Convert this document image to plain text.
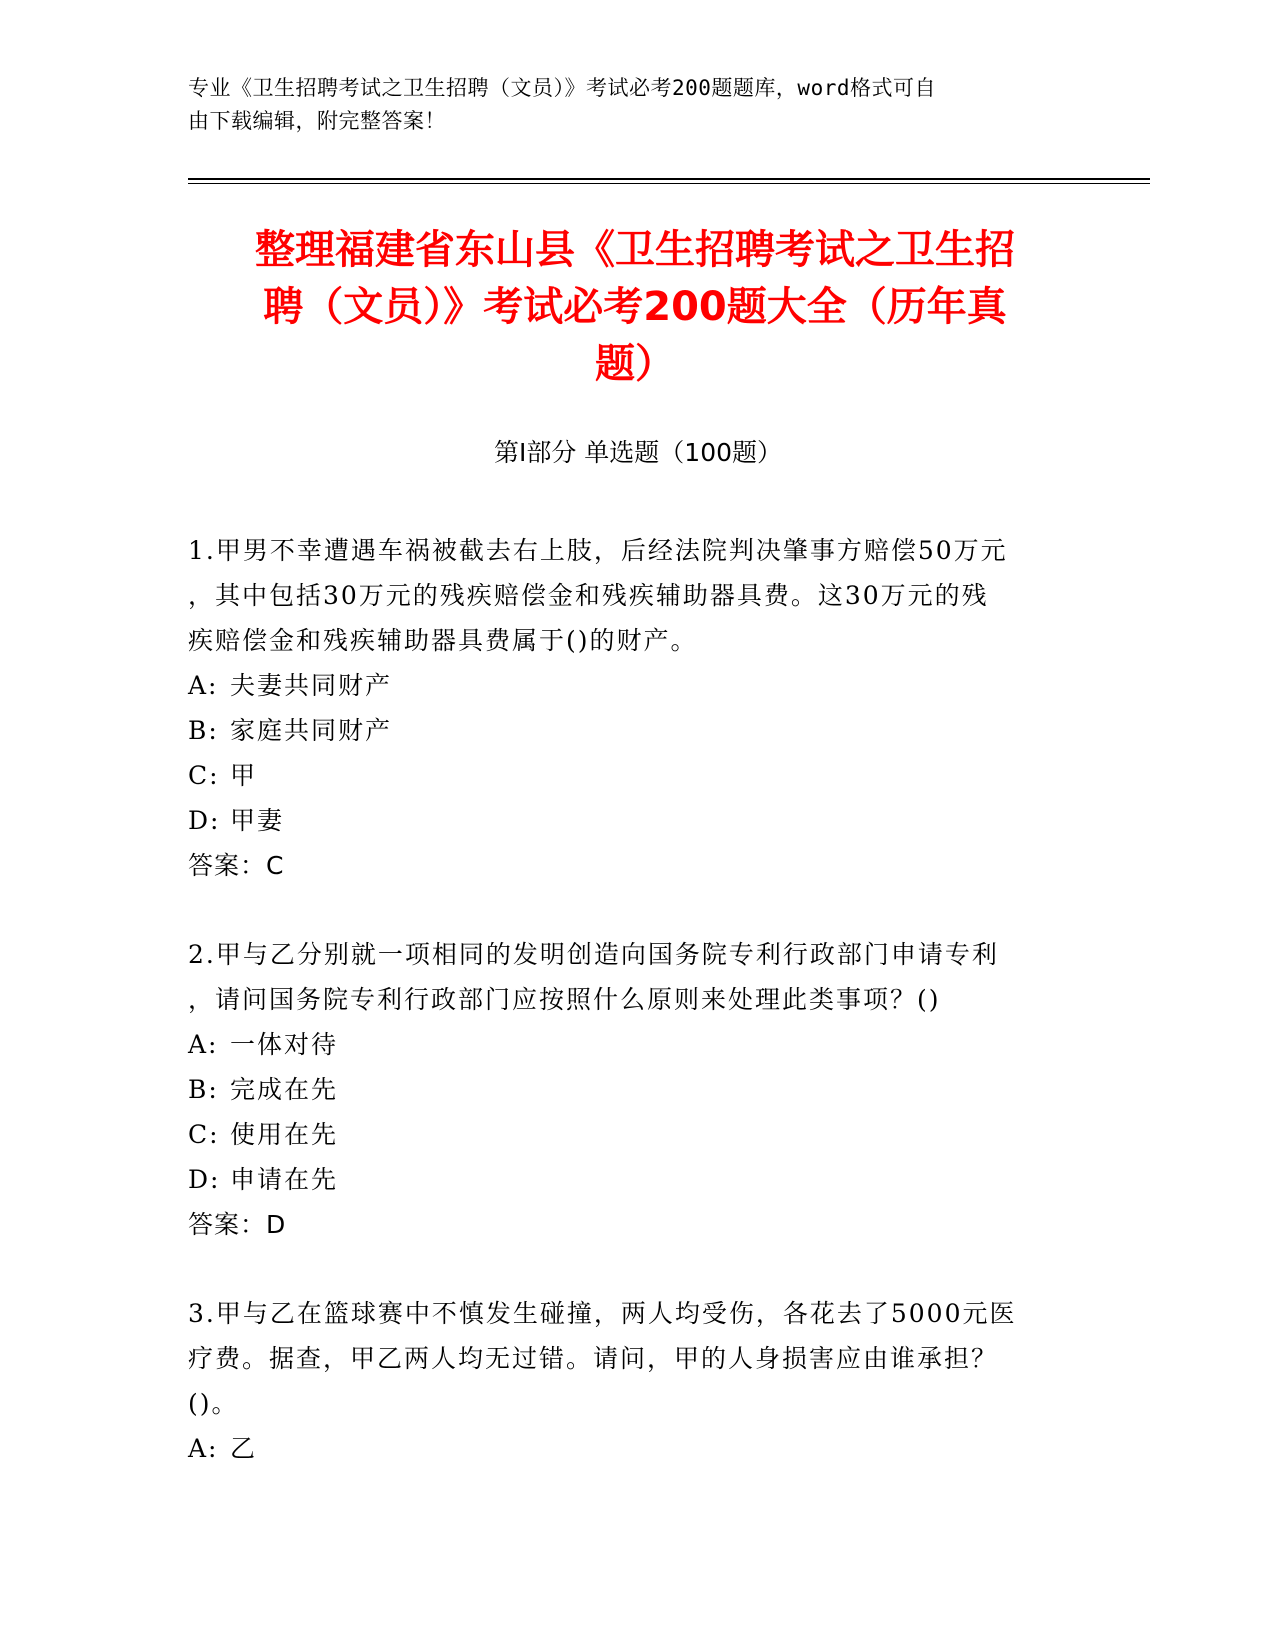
专业《卫生招聘考试之卫生招聘（文员）》考试必考200题题库，word格式可自
由下载编辑，附完整答案！
整理福建省东山县《卫生招聘考试之卫生招
聘（文员）》考试必考200题大全（历年真
题）
第Ⅰ部分 单选题（100题）

1.甲男不幸遭遇车祸被截去右上肢，后经法院判决肇事方赔偿50万元

，其中包括30万元的残疾赔偿金和残疾辅助器具费。这30万元的残

疾赔偿金和残疾辅助器具费属于()的财产。

A: 夫妻共同财产

B: 家庭共同财产

C: 甲

D: 甲妻

答案：C

2.甲与乙分别就一项相同的发明创造向国务院专利行政部门申请专利

，请问国务院专利行政部门应按照什么原则来处理此类事项？()

A: 一体对待

B: 完成在先

C: 使用在先

D: 申请在先

答案：D

3.甲与乙在篮球赛中不慎发生碰撞，两人均受伤，各花去了5000元医

疗费。据查，甲乙两人均无过错。请问，甲的人身损害应由谁承担？

()。

A: 乙
